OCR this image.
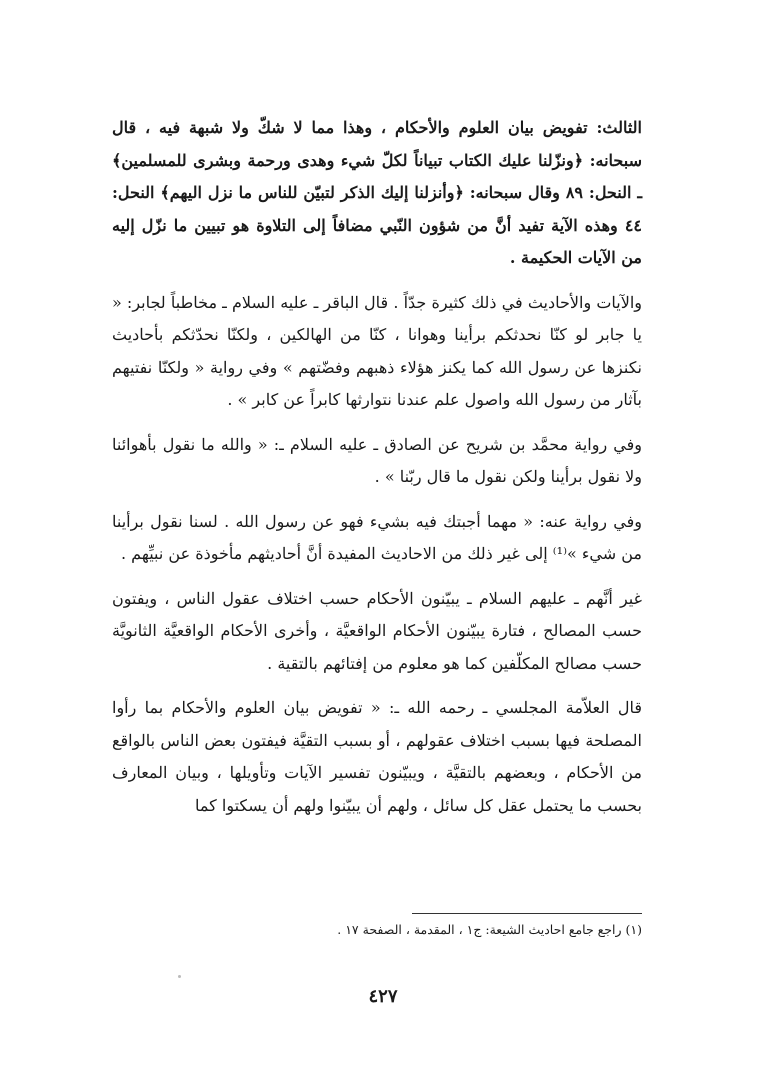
الثالث: تفويض بيان العلوم والأحكام ، وهذا مما لا شكّ ولا شبهة فيه ، قال سبحانه: ﴿ونزّلنا عليك الكتاب تبياناً لكلّ شيء وهدى ورحمة وبشرى للمسلمين﴾ ـ النحل: ٨٩ وقال سبحانه: ﴿وأنزلنا إليك الذكر لتبيّن للناس ما نزل اليهم﴾ النحل: ٤٤ وهذه الآية تفيد أنَّ من شؤون النّبي مضافاً إلى التلاوة هو تبيين ما نزّل إليه من الآيات الحكيمة .

والآيات والأحاديث في ذلك كثيرة جدّاً . قال الباقر ـ عليه السلام ـ مخاطباً لجابر: « يا جابر لو كنّا نحدثكم برأينا وهوانا ، كنّا من الهالكين ، ولكنّا نحدّثكم بأحاديث نكنزها عن رسول الله كما يكنز هؤلاء ذهبهم وفضّتهم » وفي رواية « ولكنّا نفتيهم بآثار من رسول الله واصول علم عندنا نتوارثها كابراً عن كابر » .

وفي رواية محمَّد بن شريح عن الصادق ـ عليه السلام ـ: « والله ما نقول بأهوائنا ولا نقول برأينا ولكن نقول ما قال ربّنا » .

وفي رواية عنه: « مهما أجبتك فيه بشيء فهو عن رسول الله . لسنا نقول برأينا من شيء »⁽¹⁾ إلى غير ذلك من الاحاديث المفيدة أنَّ أحاديثهم مأخوذة عن نبيِّهم .

غير أنَّهم ـ عليهم السلام ـ يبيّنون الأحكام حسب اختلاف عقول الناس ، ويفتون حسب المصالح ، فتارة يبيّنون الأحكام الواقعيَّة ، وأخرى الأحكام الواقعيَّة الثانويَّة حسب مصالح المكلّفين كما هو معلوم من إفتائهم بالتقية .

قال العلاّمة المجلسي ـ رحمه الله ـ: « تفويض بيان العلوم والأحكام بما رأوا المصلحة فيها بسبب اختلاف عقولهم ، أو بسبب التقيَّة فيفتون بعض الناس بالواقع من الأحكام ، وبعضهم بالتقيَّة ، ويبيّنون تفسير الآيات وتأويلها ، وبيان المعارف بحسب ما يحتمل عقل كل سائل ، ولهم أن يبيّنوا ولهم أن يسكتوا كما

(١) راجع جامع احاديث الشيعة: ج١ ، المقدمة ، الصفحة ١٧ .
٤٢٧
